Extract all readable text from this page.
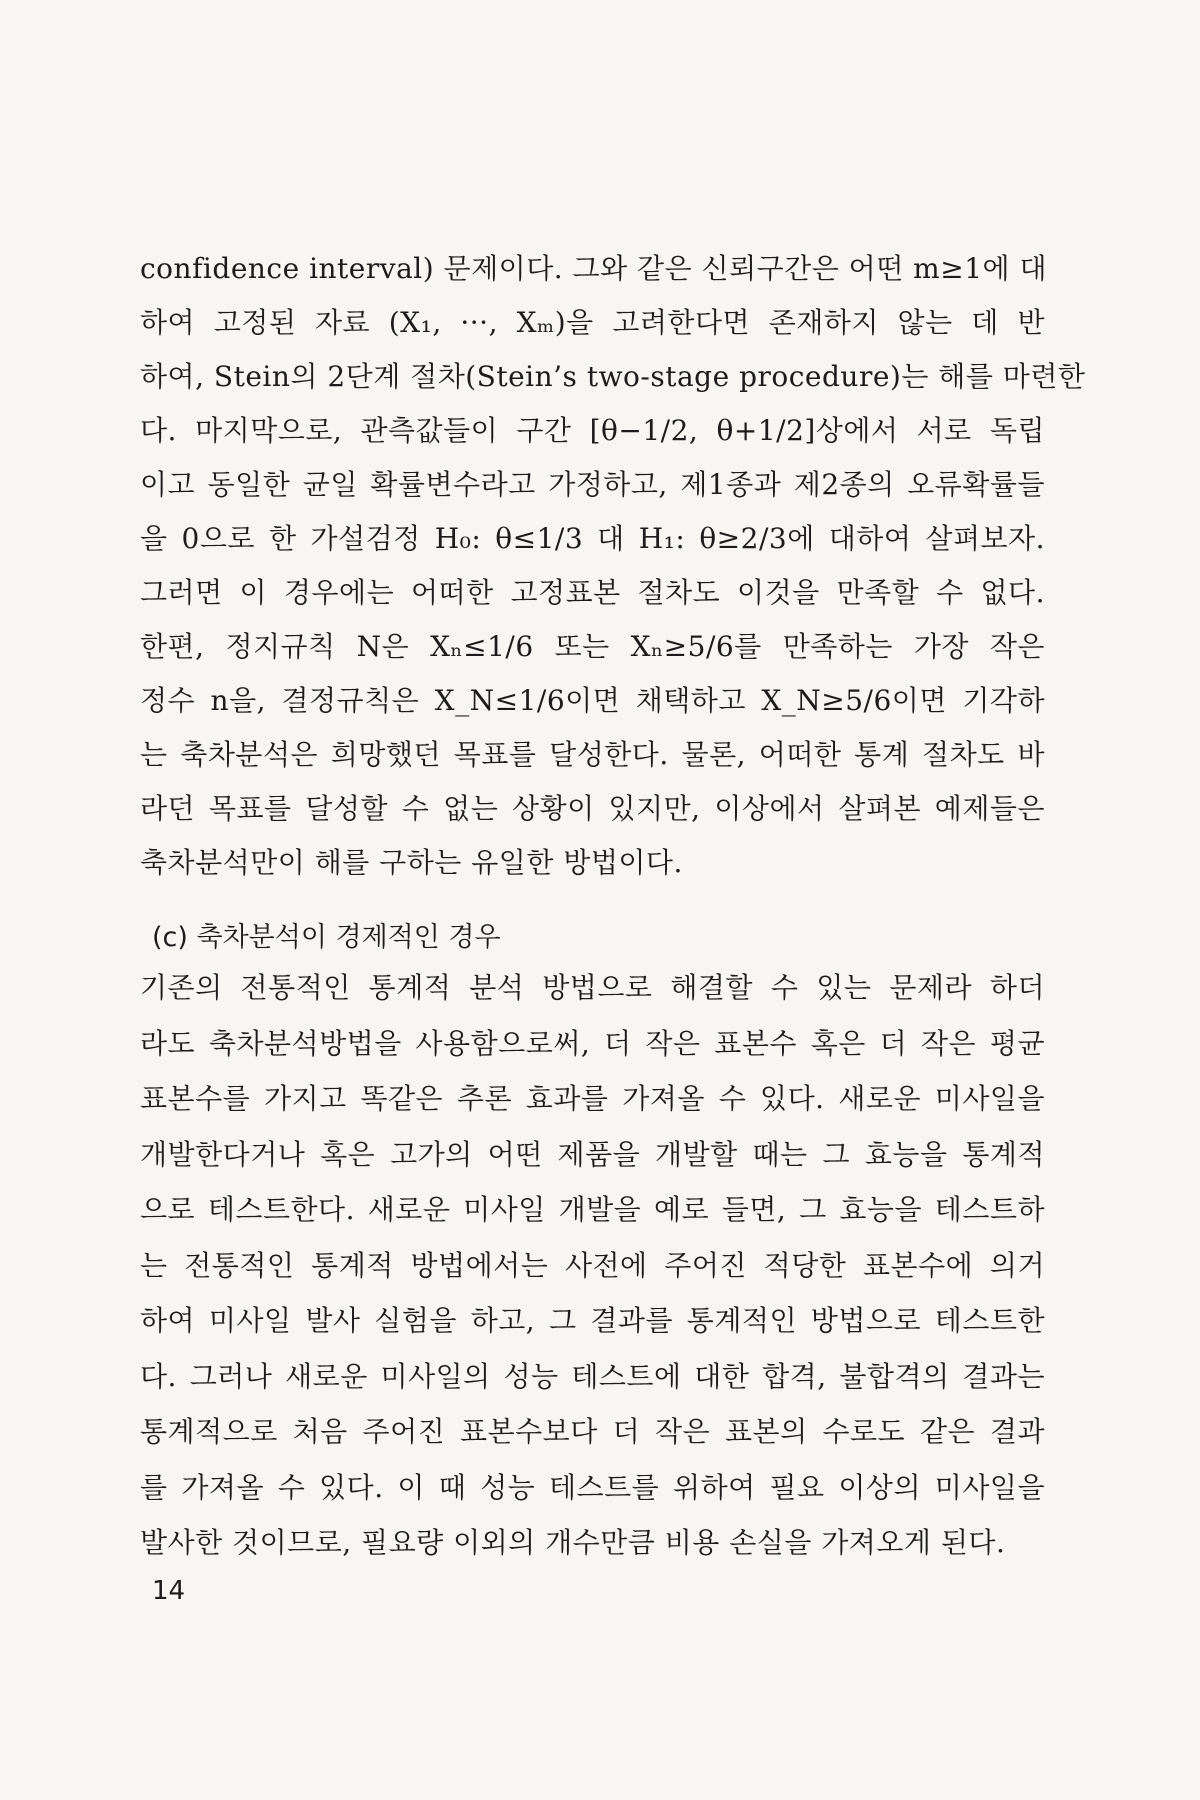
confidence interval) 문제이다. 그와 같은 신뢰구간은 어떤 m≥1에 대
하여 고정된 자료 (X₁, ···, Xₘ)을 고려한다면 존재하지 않는 데 반
하여, Stein의 2단계 절차(Stein’s two-stage procedure)는 해를 마련한
다. 마지막으로, 관측값들이 구간 [θ−1/2, θ+1/2]상에서 서로 독립
이고 동일한 균일 확률변수라고 가정하고, 제1종과 제2종의 오류확률들
을 0으로 한 가설검정 H₀: θ≤1/3 대 H₁: θ≥2/3에 대하여 살펴보자.
그러면 이 경우에는 어떠한 고정표본 절차도 이것을 만족할 수 없다.
한편, 정지규칙 N은 Xₙ≤1/6 또는 Xₙ≥5/6를 만족하는 가장 작은
정수 n을, 결정규칙은 X_N≤1/6이면 채택하고 X_N≥5/6이면 기각하
는 축차분석은 희망했던 목표를 달성한다. 물론, 어떠한 통계 절차도 바
라던 목표를 달성할 수 없는 상황이 있지만, 이상에서 살펴본 예제들은
축차분석만이 해를 구하는 유일한 방법이다.
(c) 축차분석이 경제적인 경우
기존의 전통적인 통계적 분석 방법으로 해결할 수 있는 문제라 하더
라도 축차분석방법을 사용함으로써, 더 작은 표본수 혹은 더 작은 평균
표본수를 가지고 똑같은 추론 효과를 가져올 수 있다. 새로운 미사일을
개발한다거나 혹은 고가의 어떤 제품을 개발할 때는 그 효능을 통계적
으로 테스트한다. 새로운 미사일 개발을 예로 들면, 그 효능을 테스트하
는 전통적인 통계적 방법에서는 사전에 주어진 적당한 표본수에 의거
하여 미사일 발사 실험을 하고, 그 결과를 통계적인 방법으로 테스트한
다. 그러나 새로운 미사일의 성능 테스트에 대한 합격, 불합격의 결과는
통계적으로 처음 주어진 표본수보다 더 작은 표본의 수로도 같은 결과
를 가져올 수 있다. 이 때 성능 테스트를 위하여 필요 이상의 미사일을
발사한 것이므로, 필요량 이외의 개수만큼 비용 손실을 가져오게 된다.
14
